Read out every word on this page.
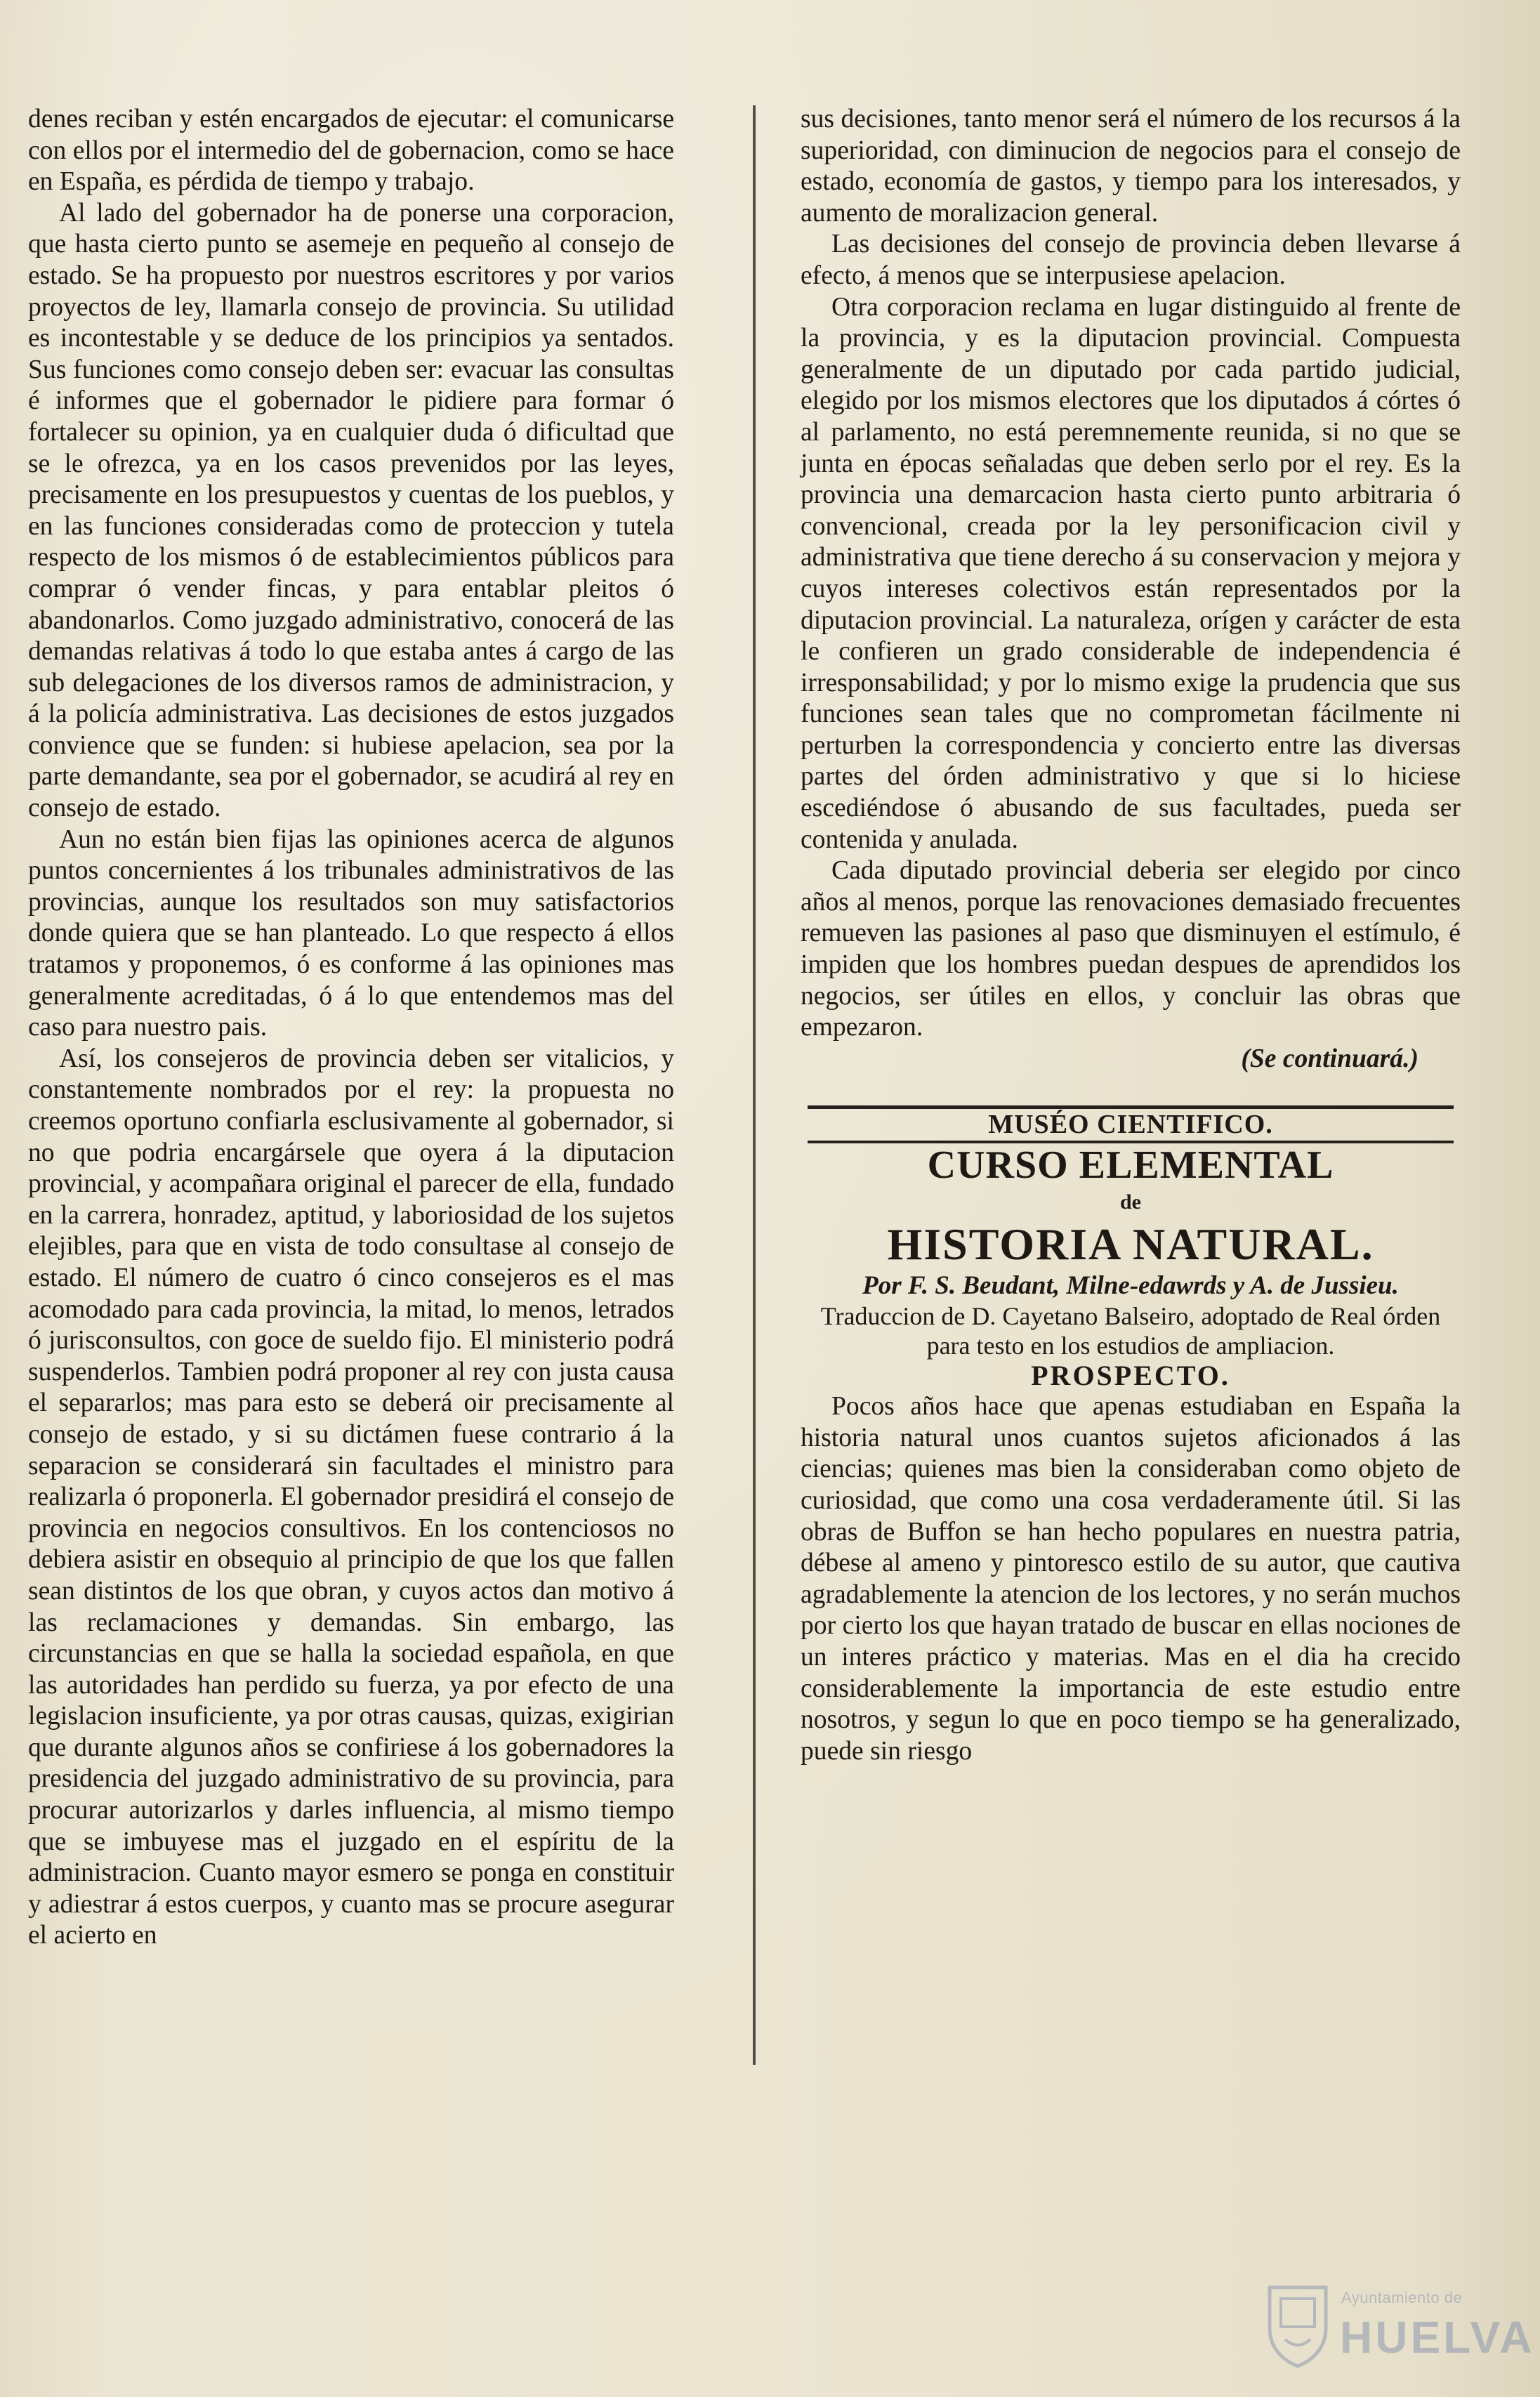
denes reciban y estén encargados de ejecutar: el comunicarse con ellos por el intermedio del de gobernacion, como se hace en España, es pérdida de tiempo y trabajo.

Al lado del gobernador ha de ponerse una corporacion, que hasta cierto punto se asemeje en pequeño al consejo de estado. Se ha propuesto por nuestros escritores y por varios proyectos de ley, llamarla consejo de provincia. Su utilidad es incontestable y se deduce de los principios ya sentados. Sus funciones como consejo deben ser: evacuar las consultas é informes que el gobernador le pidiere para formar ó fortalecer su opinion, ya en cualquier duda ó dificultad que se le ofrezca, ya en los casos prevenidos por las leyes, precisamente en los presupuestos y cuentas de los pueblos, y en las funciones consideradas como de proteccion y tutela respecto de los mismos ó de establecimientos públicos para comprar ó vender fincas, y para entablar pleitos ó abandonarlos. Como juzgado administrativo, conocerá de las demandas relativas á todo lo que estaba antes á cargo de las sub delegaciones de los diversos ramos de administracion, y á la policía administrativa. Las decisiones de estos juzgados convience que se funden: si hubiese apelacion, sea por la parte demandante, sea por el gobernador, se acudirá al rey en consejo de estado.

Aun no están bien fijas las opiniones acerca de algunos puntos concernientes á los tribunales administrativos de las provincias, aunque los resultados son muy satisfactorios donde quiera que se han planteado. Lo que respecto á ellos tratamos y proponemos, ó es conforme á las opiniones mas generalmente acreditadas, ó á lo que entendemos mas del caso para nuestro pais.

Así, los consejeros de provincia deben ser vitalicios, y constantemente nombrados por el rey: la propuesta no creemos oportuno confiarla esclusivamente al gobernador, si no que podria encargársele que oyera á la diputacion provincial, y acompañara original el parecer de ella, fundado en la carrera, honradez, aptitud, y laboriosidad de los sujetos elejibles, para que en vista de todo consultase al consejo de estado. El número de cuatro ó cinco consejeros es el mas acomodado para cada provincia, la mitad, lo menos, letrados ó jurisconsultos, con goce de sueldo fijo. El ministerio podrá suspenderlos. Tambien podrá proponer al rey con justa causa el separarlos; mas para esto se deberá oir precisamente al consejo de estado, y si su dictámen fuese contrario á la separacion se considerará sin facultades el ministro para realizarla ó proponerla. El gobernador presidirá el consejo de provincia en negocios consultivos. En los contenciosos no debiera asistir en obsequio al principio de que los que fallen sean distintos de los que obran, y cuyos actos dan motivo á las reclamaciones y demandas. Sin embargo, las circunstancias en que se halla la sociedad española, en que las autoridades han perdido su fuerza, ya por efecto de una legislacion insuficiente, ya por otras causas, quizas, exigirian que durante algunos años se confiriese á los gobernadores la presidencia del juzgado administrativo de su provincia, para procurar autorizarlos y darles influencia, al mismo tiempo que se imbuyese mas el juzgado en el espíritu de la administracion. Cuanto mayor esmero se ponga en constituir y adiestrar á estos cuerpos, y cuanto mas se procure asegurar el acierto en

sus decisiones, tanto menor será el número de los recursos á la superioridad, con diminucion de negocios para el consejo de estado, economía de gastos, y tiempo para los interesados, y aumento de moralizacion general.

Las decisiones del consejo de provincia deben llevarse á efecto, á menos que se interpusiese apelacion.

Otra corporacion reclama en lugar distinguido al frente de la provincia, y es la diputacion provincial. Compuesta generalmente de un diputado por cada partido judicial, elegido por los mismos electores que los diputados á córtes ó al parlamento, no está peremnemente reunida, si no que se junta en épocas señaladas que deben serlo por el rey. Es la provincia una demarcacion hasta cierto punto arbitraria ó convencional, creada por la ley personificacion civil y administrativa que tiene derecho á su conservacion y mejora y cuyos intereses colectivos están representados por la diputacion provincial. La naturaleza, orígen y carácter de esta le confieren un grado considerable de independencia é irresponsabilidad; y por lo mismo exige la prudencia que sus funciones sean tales que no comprometan fácilmente ni perturben la correspondencia y concierto entre las diversas partes del órden administrativo y que si lo hiciese escediéndose ó abusando de sus facultades, pueda ser contenida y anulada.

Cada diputado provincial deberia ser elegido por cinco años al menos, porque las renovaciones demasiado frecuentes remueven las pasiones al paso que disminuyen el estímulo, é impiden que los hombres puedan despues de aprendidos los negocios, ser útiles en ellos, y concluir las obras que empezaron.

(Se continuará.)

MUSÉO CIENTIFICO.

CURSO ELEMENTAL

de

HISTORIA NATURAL.

Por F. S. Beudant, Milne-edawrds y A. de Jussieu.

Traduccion de D. Cayetano Balseiro, adoptado de Real órden para testo en los estudios de ampliacion.

PROSPECTO.

Pocos años hace que apenas estudiaban en España la historia natural unos cuantos sujetos aficionados á las ciencias; quienes mas bien la consideraban como objeto de curiosidad, que como una cosa verdaderamente útil. Si las obras de Buffon se han hecho populares en nuestra patria, débese al ameno y pintoresco estilo de su autor, que cautiva agradablemente la atencion de los lectores, y no serán muchos por cierto los que hayan tratado de buscar en ellas nociones de un interes práctico y materias. Mas en el dia ha crecido considerablemente la importancia de este estudio entre nosotros, y segun lo que en poco tiempo se ha generalizado, puede sin riesgo

Ayuntamiento de
HUELVA
